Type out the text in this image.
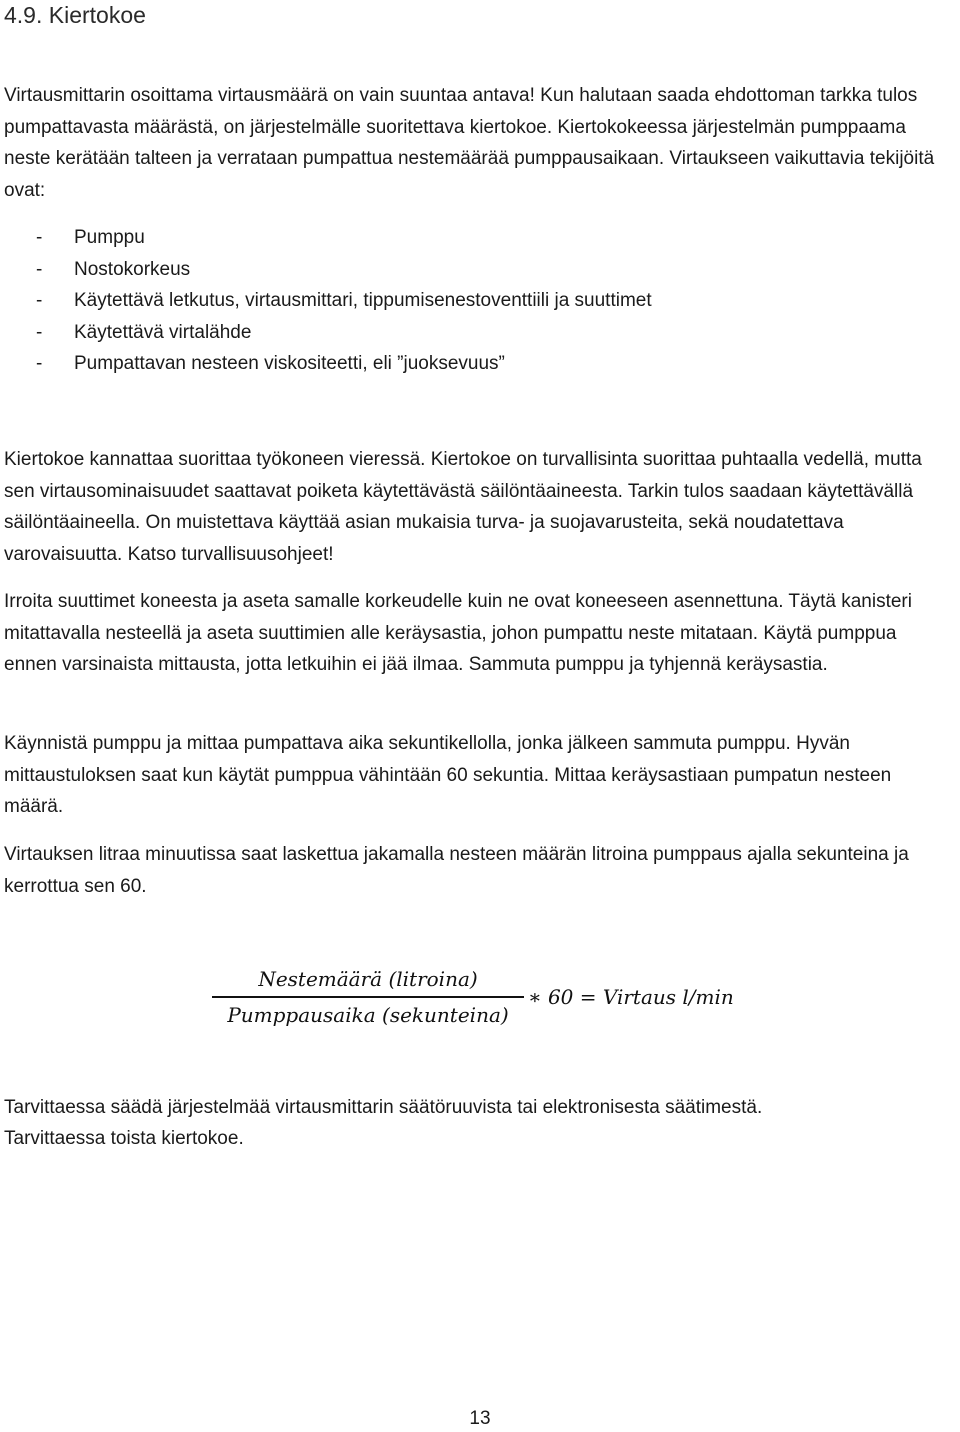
4.9. Kiertokoe

Virtausmittarin osoittama virtausmäärä on vain suuntaa antava! Kun halutaan saada ehdottoman tarkka tulos pumpattavasta määrästä, on järjestelmälle suoritettava kiertokoe. Kiertokokeessa järjestelmän pumppaama neste kerätään talteen ja verrataan pumpattua nestemäärää pumppausaikaan. Virtaukseen vaikuttavia tekijöitä ovat:

- Pumppu
- Nostokorkeus
- Käytettävä letkutus, virtausmittari, tippumisenestoventtiili ja suuttimet
- Käytettävä virtalähde
- Pumpattavan nesteen viskositeetti, eli ”juoksevuus”

Kiertokoe kannattaa suorittaa työkoneen vieressä. Kiertokoe on turvallisinta suorittaa puhtaalla vedellä, mutta sen virtausominaisuudet saattavat poiketa käytettävästä säilöntäaineesta. Tarkin tulos saadaan käytettävällä säilöntäaineella. On muistettava käyttää asian mukaisia turva- ja suojavarusteita, sekä noudatettava varovaisuutta. Katso turvallisuusohjeet!

Irroita suuttimet koneesta ja aseta samalle korkeudelle kuin ne ovat koneeseen asennettuna. Täytä kanisteri mitattavalla nesteellä ja aseta suuttimien alle keräysastia, johon pumpattu neste mitataan. Käytä pumppua ennen varsinaista mittausta, jotta letkuihin ei jää ilmaa. Sammuta pumppu ja tyhjennä keräysastia.

Käynnistä pumppu ja mittaa pumpattava aika sekuntikellolla, jonka jälkeen sammuta pumppu. Hyvän mittaustuloksen saat kun käytät pumppua vähintään 60 sekuntia. Mittaa keräysastiaan pumpatun nesteen määrä.

Virtauksen litraa minuutissa saat laskettua jakamalla nesteen määrän litroina pumppaus ajalla sekunteina ja kerrottua sen 60.

Nestemäärä (litroina)
Pumppausaika (sekunteina)
∗ 60 = Virtaus l/min

Tarvittaessa säädä järjestelmää virtausmittarin säätöruuvista tai elektronisesta säätimestä.

Tarvittaessa toista kiertokoe.

13
